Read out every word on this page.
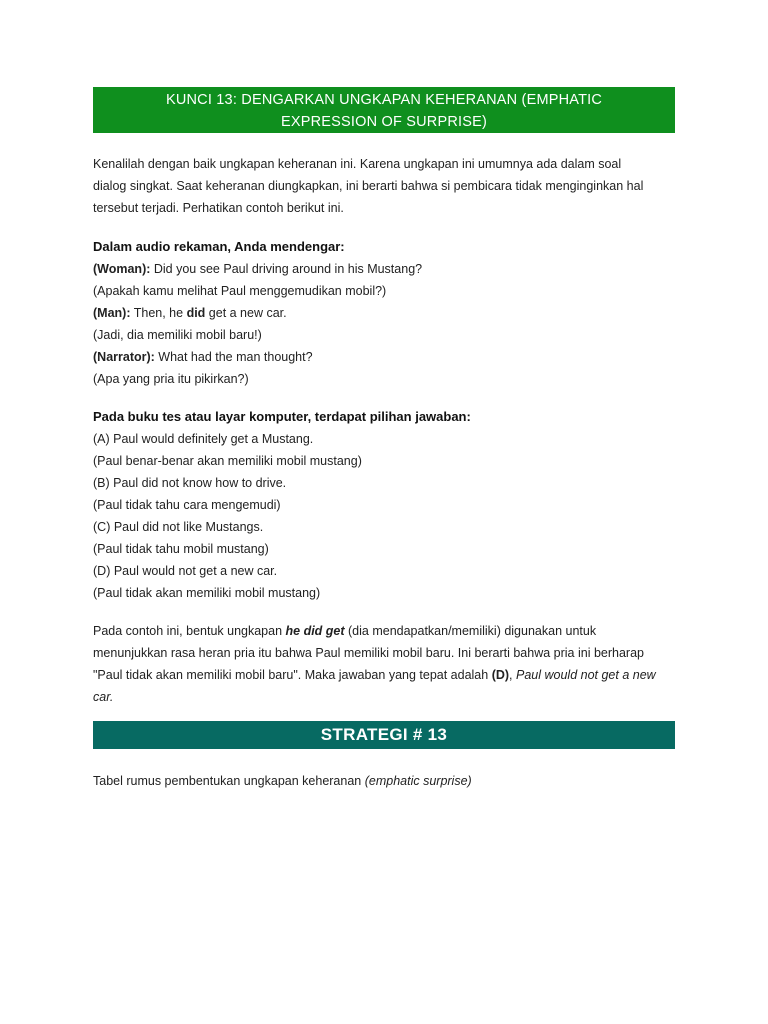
KUNCI 13: DENGARKAN UNGKAPAN KEHERANAN (EMPHATIC
EXPRESSION OF SURPRISE)
Kenalilah dengan baik ungkapan keheranan ini. Karena ungkapan ini umumnya ada dalam soal
dialog singkat. Saat keheranan diungkapkan, ini berarti bahwa si pembicara tidak menginginkan hal
tersebut terjadi. Perhatikan contoh berikut ini.
Dalam audio rekaman, Anda mendengar:
(Woman): Did you see Paul driving around in his Mustang?
(Apakah kamu melihat Paul menggemudikan mobil?)
(Man): Then, he did get a new car.
(Jadi, dia memiliki mobil baru!)
(Narrator): What had the man thought?
(Apa yang pria itu pikirkan?)
Pada buku tes atau layar komputer, terdapat pilihan jawaban:
(A) Paul would definitely get a Mustang.
(Paul benar-benar akan memiliki mobil mustang)
(B) Paul did not know how to drive.
(Paul tidak tahu cara mengemudi)
(C) Paul did not like Mustangs.
(Paul tidak tahu mobil mustang)
(D) Paul would not get a new car.
(Paul tidak akan memiliki mobil mustang)
Pada contoh ini, bentuk ungkapan he did get (dia mendapatkan/memiliki) digunakan untuk
menunjukkan rasa heran pria itu bahwa Paul memiliki mobil baru. Ini berarti bahwa pria ini berharap
"Paul tidak akan memiliki mobil baru". Maka jawaban yang tepat adalah (D), Paul would not get a new
car.
STRATEGI # 13
Tabel rumus pembentukan ungkapan keheranan (emphatic surprise)
